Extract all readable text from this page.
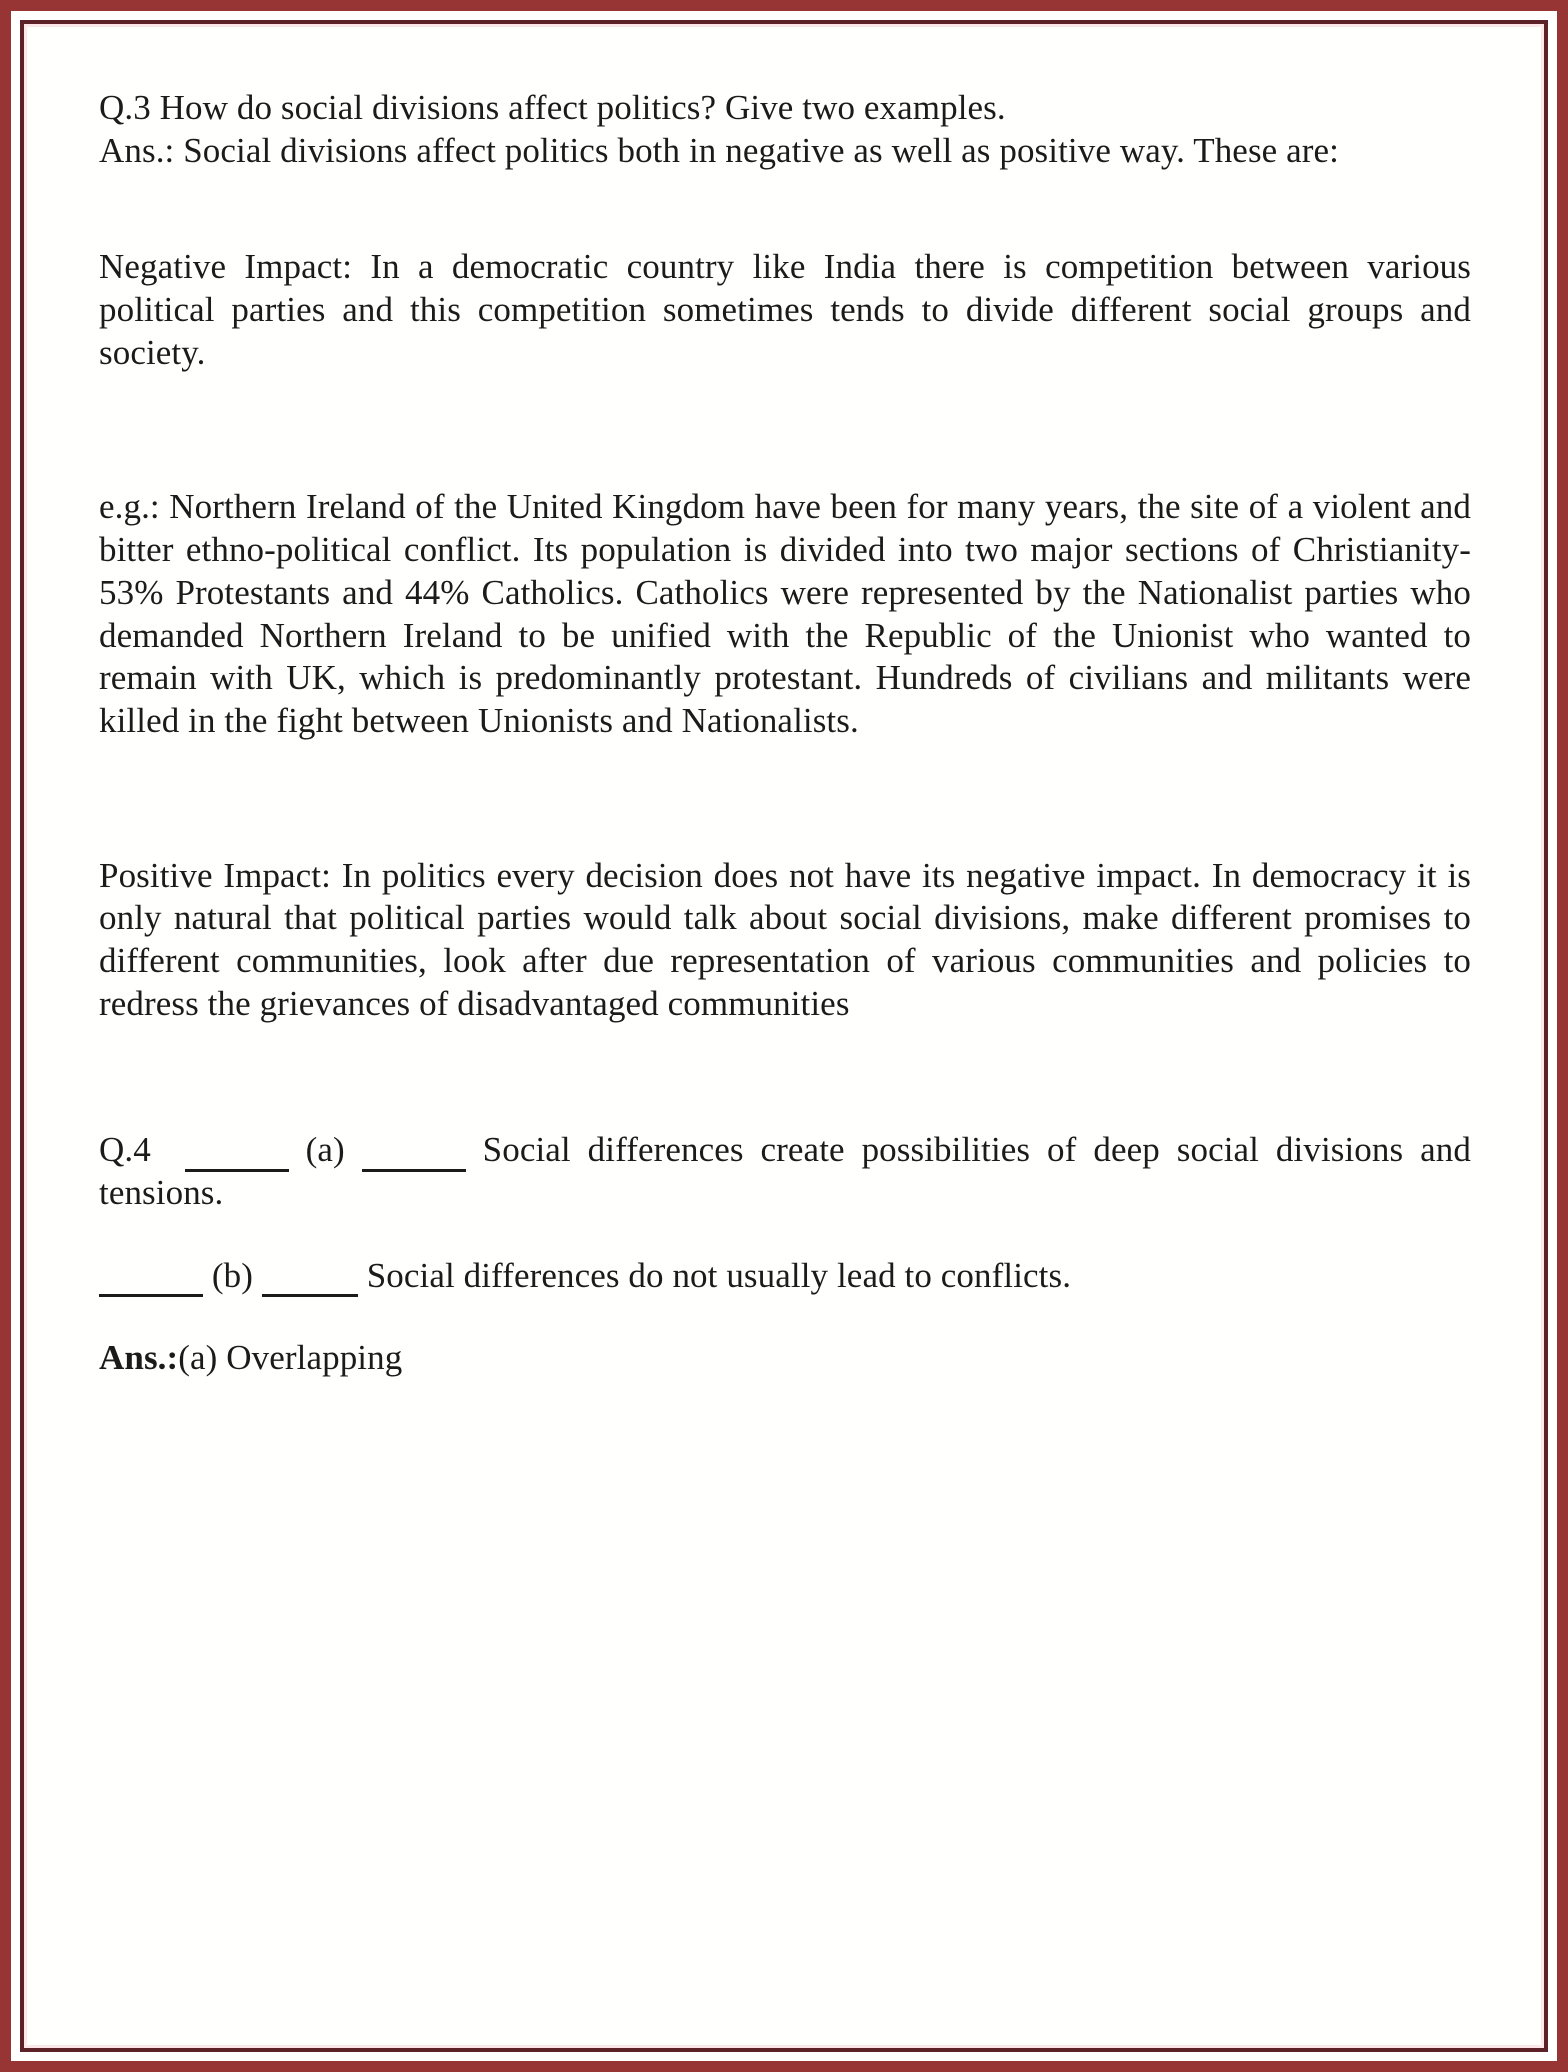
Q.3 How do social divisions affect politics? Give two examples.

Ans.: Social divisions affect politics both in negative as well as positive way. These are:

Negative Impact: In a democratic country like India there is competition between various political parties and this competition sometimes tends to divide different social groups and society.

e.g.: Northern Ireland of the United Kingdom have been for many years, the site of a violent and bitter ethno-political conflict. Its population is divided into two major sections of Christianity- 53% Protestants and 44% Catholics. Catholics were represented by the Nationalist parties who demanded Northern Ireland to be unified with the Republic of the Unionist who wanted to remain with UK, which is predominantly protestant. Hundreds of civilians and militants were killed in the fight between Unionists and Nationalists.

Positive Impact: In politics every decision does not have its negative impact. In democracy it is only natural that political parties would talk about social divisions, make different promises to different communities, look after due representation of various communities and policies to redress the grievances of disadvantaged communities

Q.4	(a)	Social differences create possibilities of deep social divisions and tensions.

(b)	Social differences do not usually lead to conflicts.

Ans.:(a) Overlapping
